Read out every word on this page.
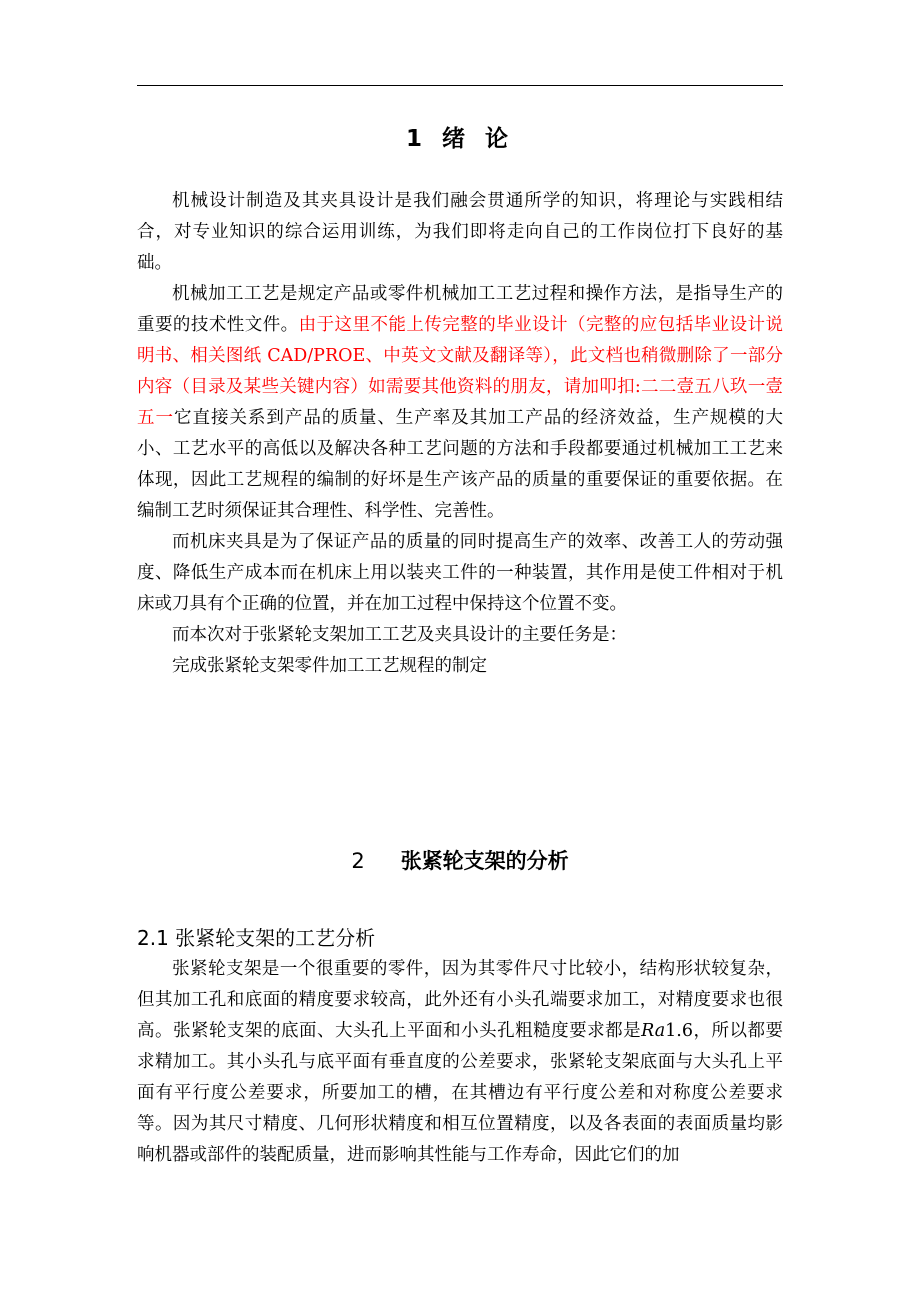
1 绪 论

机械设计制造及其夹具设计是我们融会贯通所学的知识，将理论与实践相结合，对专业知识的综合运用训练，为我们即将走向自己的工作岗位打下良好的基础。

机械加工工艺是规定产品或零件机械加工工艺过程和操作方法，是指导生产的重要的技术性文件。由于这里不能上传完整的毕业设计（完整的应包括毕业设计说明书、相关图纸 CAD/PROE、中英文文献及翻译等），此文档也稍微删除了一部分内容（目录及某些关键内容）如需要其他资料的朋友，请加叩扣:二二壹五八玖一壹五一它直接关系到产品的质量、生产率及其加工产品的经济效益，生产规模的大小、工艺水平的高低以及解决各种工艺问题的方法和手段都要通过机械加工工艺来体现，因此工艺规程的编制的好坏是生产该产品的质量的重要保证的重要依据。在编制工艺时须保证其合理性、科学性、完善性。

而机床夹具是为了保证产品的质量的同时提高生产的效率、改善工人的劳动强度、降低生产成本而在机床上用以装夹工件的一种装置，其作用是使工件相对于机床或刀具有个正确的位置，并在加工过程中保持这个位置不变。

而本次对于张紧轮支架加工工艺及夹具设计的主要任务是：

完成张紧轮支架零件加工工艺规程的制定

2 张紧轮支架的分析
2.1 张紧轮支架的工艺分析

张紧轮支架是一个很重要的零件，因为其零件尺寸比较小，结构形状较复杂，但其加工孔和底面的精度要求较高，此外还有小头孔端要求加工，对精度要求也很高。张紧轮支架的底面、大头孔上平面和小头孔粗糙度要求都是Ra1.6，所以都要求精加工。其小头孔与底平面有垂直度的公差要求，张紧轮支架底面与大头孔上平面有平行度公差要求，所要加工的槽，在其槽边有平行度公差和对称度公差要求等。因为其尺寸精度、几何形状精度和相互位置精度，以及各表面的表面质量均影响机器或部件的装配质量，进而影响其性能与工作寿命，因此它们的加
